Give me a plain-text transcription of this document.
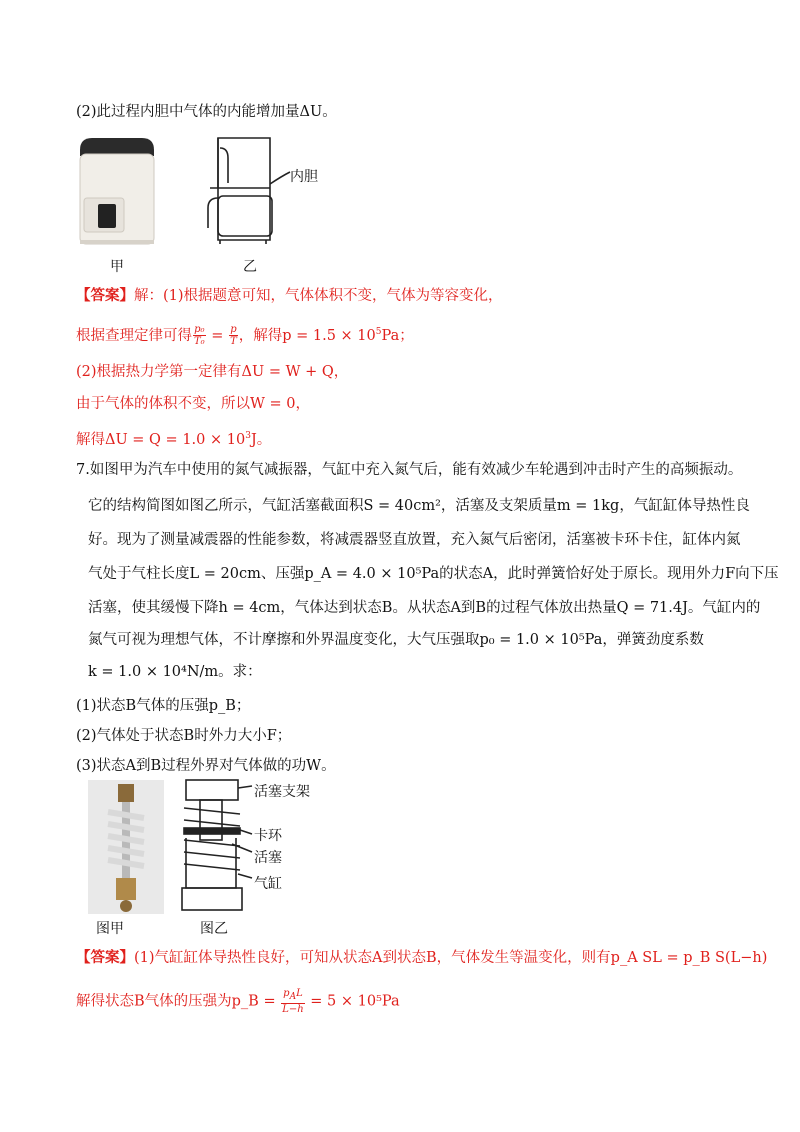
(2)此过程内胆中气体的内能增加量ΔU。
甲	乙
内胆
【答案】解：(1)根据题意可知，气体体积不变，气体为等容变化，
根据查理定律可得 $\frac{\text{p₀}}{\text{T₀}} = \frac{p}{T}$ ，解得$p = 1.5 \times 10^5Pa$；
(2)根据热力学第一定律有ΔU = W + Q，
由于气体的体积不变，所以W = 0，
解得$\Delta U = Q = 1.0 \times 10^3J$。
7.如图甲为汽车中使用的氮气减振器，气缸中充入氮气后，能有效减少车轮遇到冲击时产生的高频振动。
它的结构简图如图乙所示，气缸活塞截面积S = 40cm²，活塞及支架质量m = 1kg，气缸缸体导热性良
好。现为了测量减震器的性能参数，将减震器竖直放置，充入氮气后密闭，活塞被卡环卡住，缸体内氮
气处于气柱长度L = 20cm、压强p_A = 4.0 × 10⁵Pa的状态A，此时弹簧恰好处于原长。现用外力F向下压
活塞，使其缓慢下降h = 4cm，气体达到状态B。从状态A到B的过程气体放出热量Q = 71.4J。气缸内的
氮气可视为理想气体，不计摩擦和外界温度变化，大气压强取p₀ = 1.0 × 10⁵Pa，弹簧劲度系数
k = 1.0 × 10⁴N/m。求：
(1)状态B气体的压强p_B；
(2)气体处于状态B时外力大小F；
(3)状态A到B过程外界对气体做的功W。
活塞支架
卡环
活塞
气缸
图甲	图乙
【答案】(1)气缸缸体导热性良好，可知从状态A到状态B，气体发生等温变化，则有p_A SL = p_B S(L−h)
解得状态B气体的压强为p_B = $\frac{p_AL}{L-h} = 5 \times 10^5Pa$
